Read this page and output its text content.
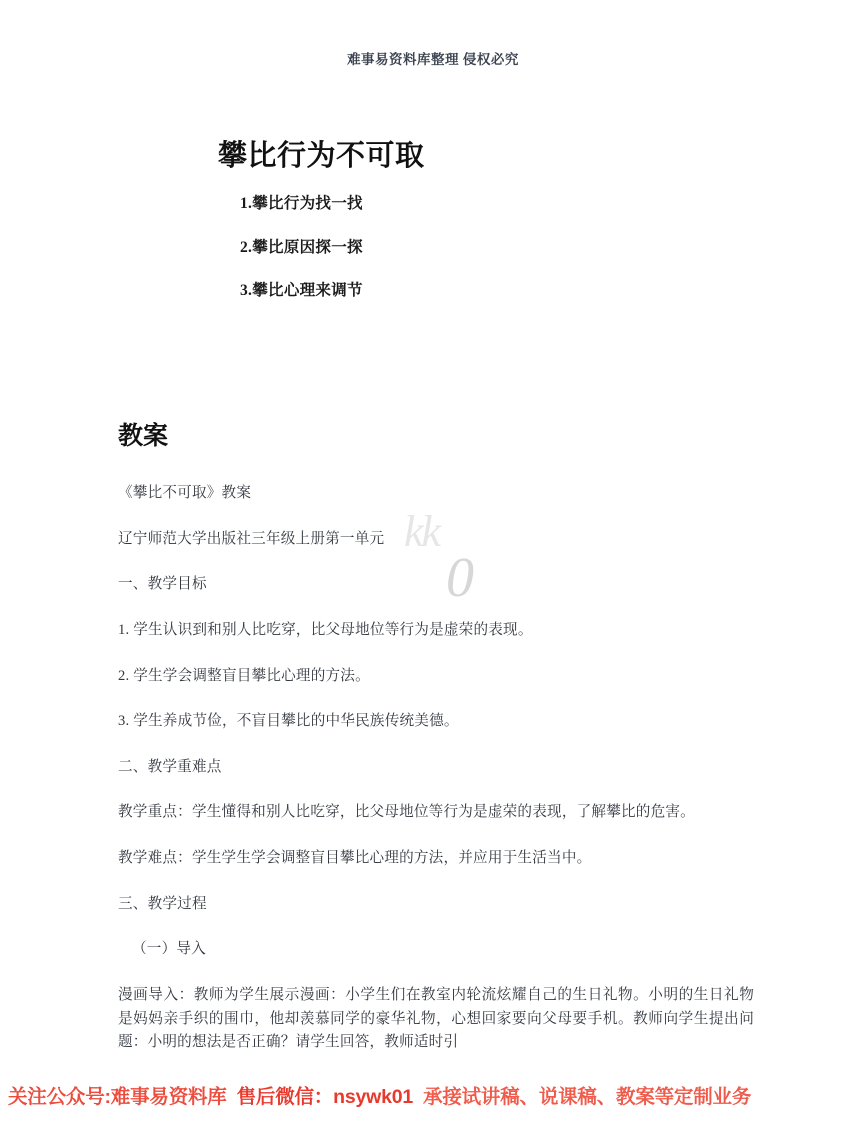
难事易资料库整理 侵权必究
攀比行为不可取
1.攀比行为找一找
2.攀比原因探一探
3.攀比心理来调节
kk
0
教案

《攀比不可取》教案

辽宁师范大学出版社三年级上册第一单元

一、教学目标

1. 学生认识到和别人比吃穿，比父母地位等行为是虚荣的表现。

2. 学生学会调整盲目攀比心理的方法。

3. 学生养成节俭，不盲目攀比的中华民族传统美德。

二、教学重难点

教学重点：学生懂得和别人比吃穿，比父母地位等行为是虚荣的表现，了解攀比的危害。

教学难点：学生学生学会调整盲目攀比心理的方法，并应用于生活当中。

三、教学过程

（一）导入

漫画导入：教师为学生展示漫画：小学生们在教室内轮流炫耀自己的生日礼物。小明的生日礼物是妈妈亲手织的围巾，他却羡慕同学的豪华礼物，心想回家要向父母要手机。教师向学生提出问题：小明的想法是否正确？请学生回答，教师适时引

关注公众号:难事易资料库 售后微信：nsywk01 承接试讲稿、说课稿、教案等定制业务
